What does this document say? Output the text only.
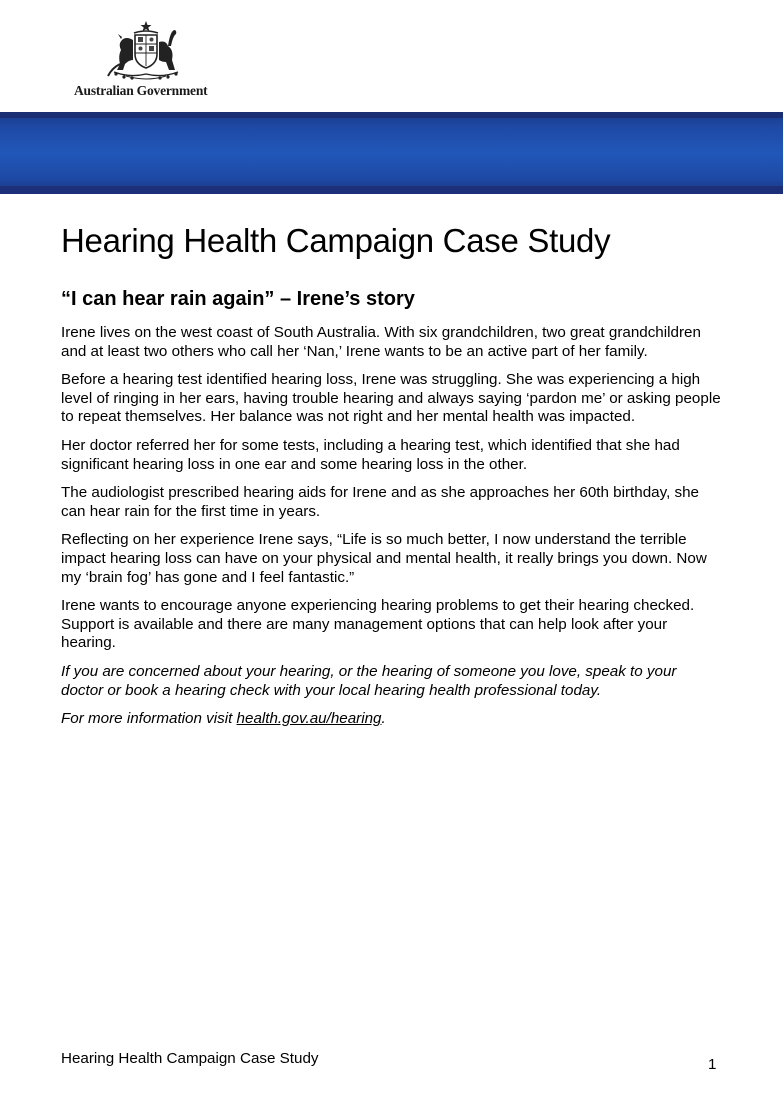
Australian Government
Hearing Health Campaign Case Study
“I can hear rain again” – Irene’s story

Irene lives on the west coast of South Australia. With six grandchildren, two great grandchildren and at least two others who call her ‘Nan,’ Irene wants to be an active part of her family.

Before a hearing test identified hearing loss, Irene was struggling. She was experiencing a high level of ringing in her ears, having trouble hearing and always saying ‘pardon me’ or asking people to repeat themselves. Her balance was not right and her mental health was impacted.

Her doctor referred her for some tests, including a hearing test, which identified that she had significant hearing loss in one ear and some hearing loss in the other.

The audiologist prescribed hearing aids for Irene and as she approaches her 60th birthday, she can hear rain for the first time in years.

Reflecting on her experience Irene says, “Life is so much better, I now understand the terrible impact hearing loss can have on your physical and mental health, it really brings you down. Now my ‘brain fog’ has gone and I feel fantastic.”

Irene wants to encourage anyone experiencing hearing problems to get their hearing checked. Support is available and there are many management options that can help look after your hearing.

If you are concerned about your hearing, or the hearing of someone you love, speak to your doctor or book a hearing check with your local hearing health professional today.

For more information visit health.gov.au/hearing.

Hearing Health Campaign Case Study	1
